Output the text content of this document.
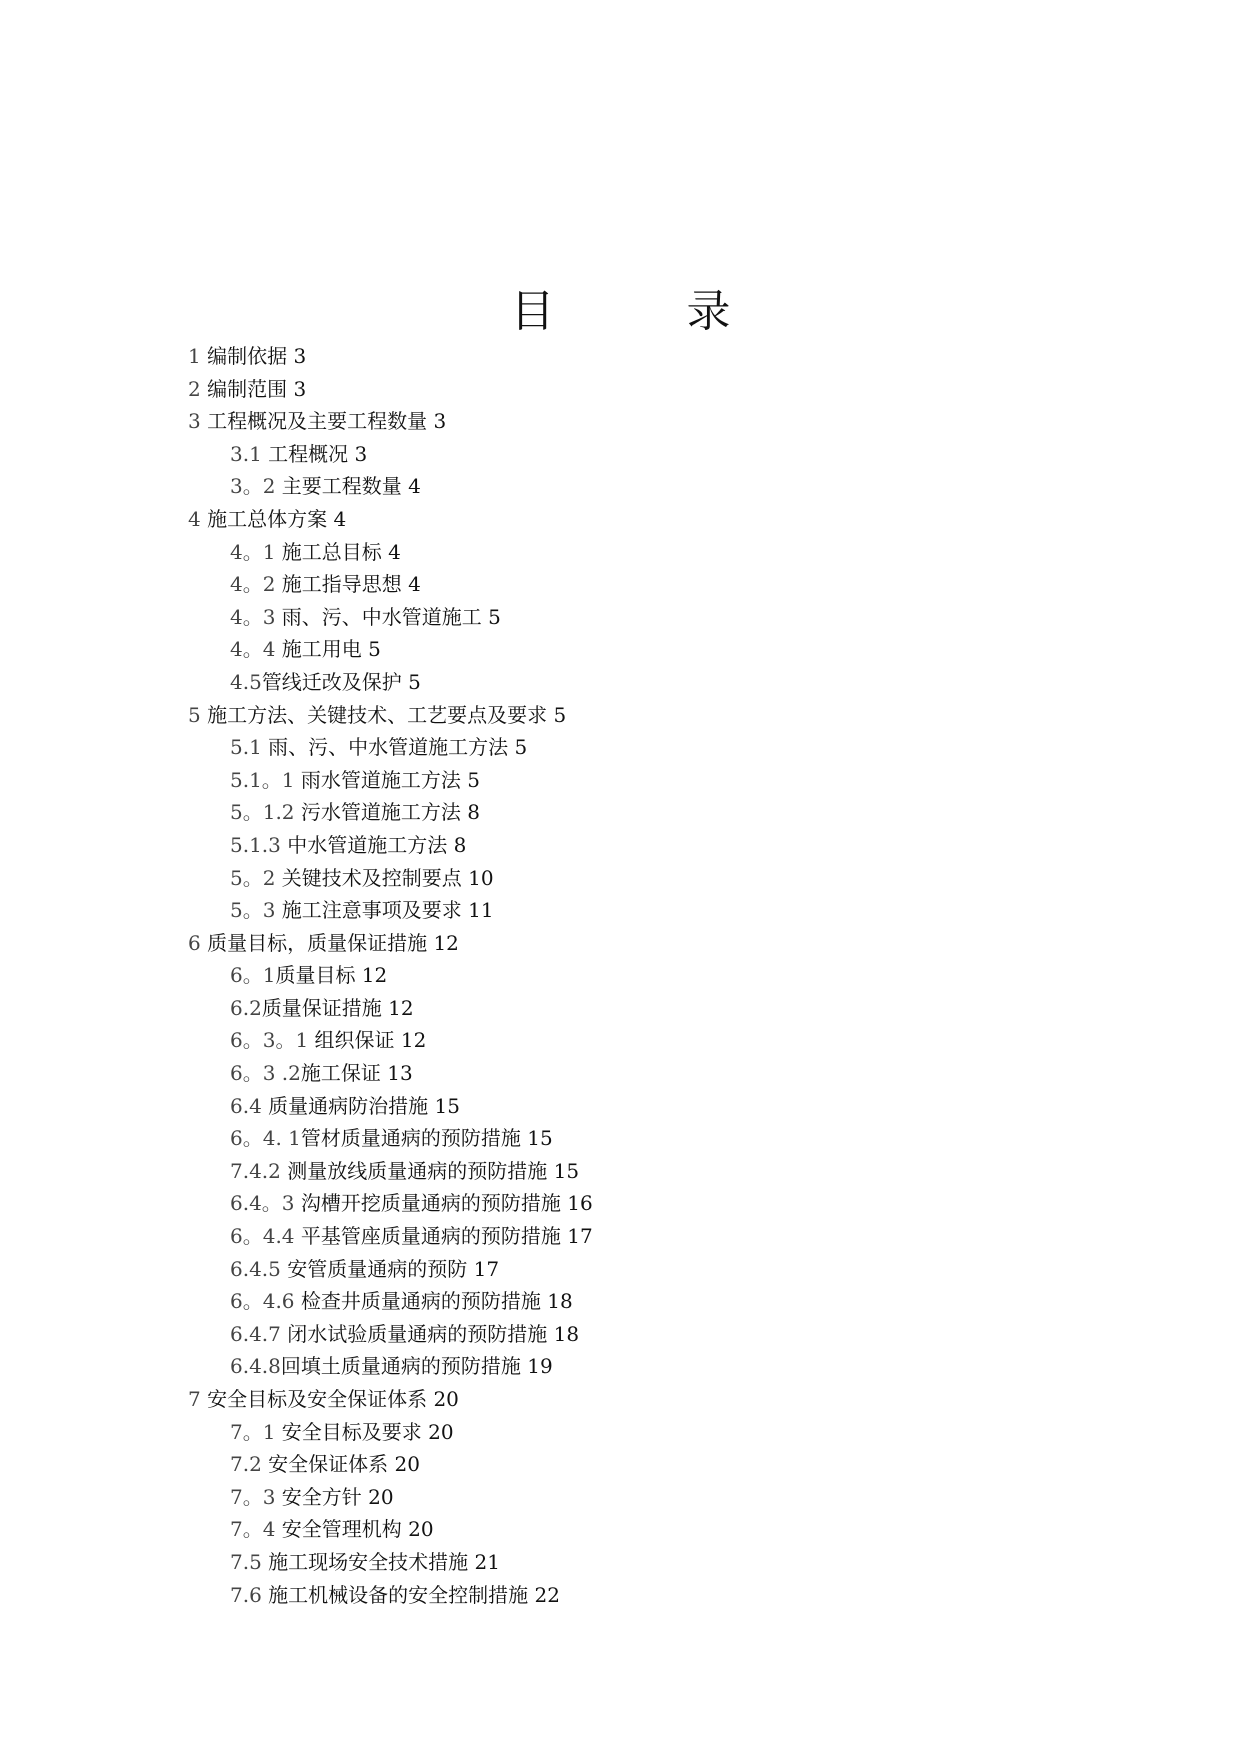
目　录
1 编制依据 3
2 编制范围 3
3 工程概况及主要工程数量 3
3.1 工程概况 3
3。2 主要工程数量 4
4 施工总体方案 4
4。1 施工总目标 4
4。2 施工指导思想 4
4。3 雨、污、中水管道施工 5
4。4 施工用电 5
4.5管线迁改及保护 5
5 施工方法、关键技术、工艺要点及要求 5
5.1 雨、污、中水管道施工方法 5
5.1。1 雨水管道施工方法 5
5。1.2 污水管道施工方法 8
5.1.3 中水管道施工方法 8
5。2 关键技术及控制要点 10
5。3 施工注意事项及要求 11
6 质量目标，质量保证措施 12
6。1质量目标 12
6.2质量保证措施 12
6。3。1 组织保证 12
6。3 .2施工保证 13
6.4 质量通病防治措施 15
6。4. 1管材质量通病的预防措施 15
7.4.2 测量放线质量通病的预防措施 15
6.4。3 沟槽开挖质量通病的预防措施 16
6。4.4 平基管座质量通病的预防措施 17
6.4.5 安管质量通病的预防 17
6。4.6 检查井质量通病的预防措施 18
6.4.7 闭水试验质量通病的预防措施 18
6.4.8回填土质量通病的预防措施 19
7 安全目标及安全保证体系 20
7。1 安全目标及要求 20
7.2 安全保证体系 20
7。3 安全方针 20
7。4 安全管理机构 20
7.5 施工现场安全技术措施 21
7.6 施工机械设备的安全控制措施 22
